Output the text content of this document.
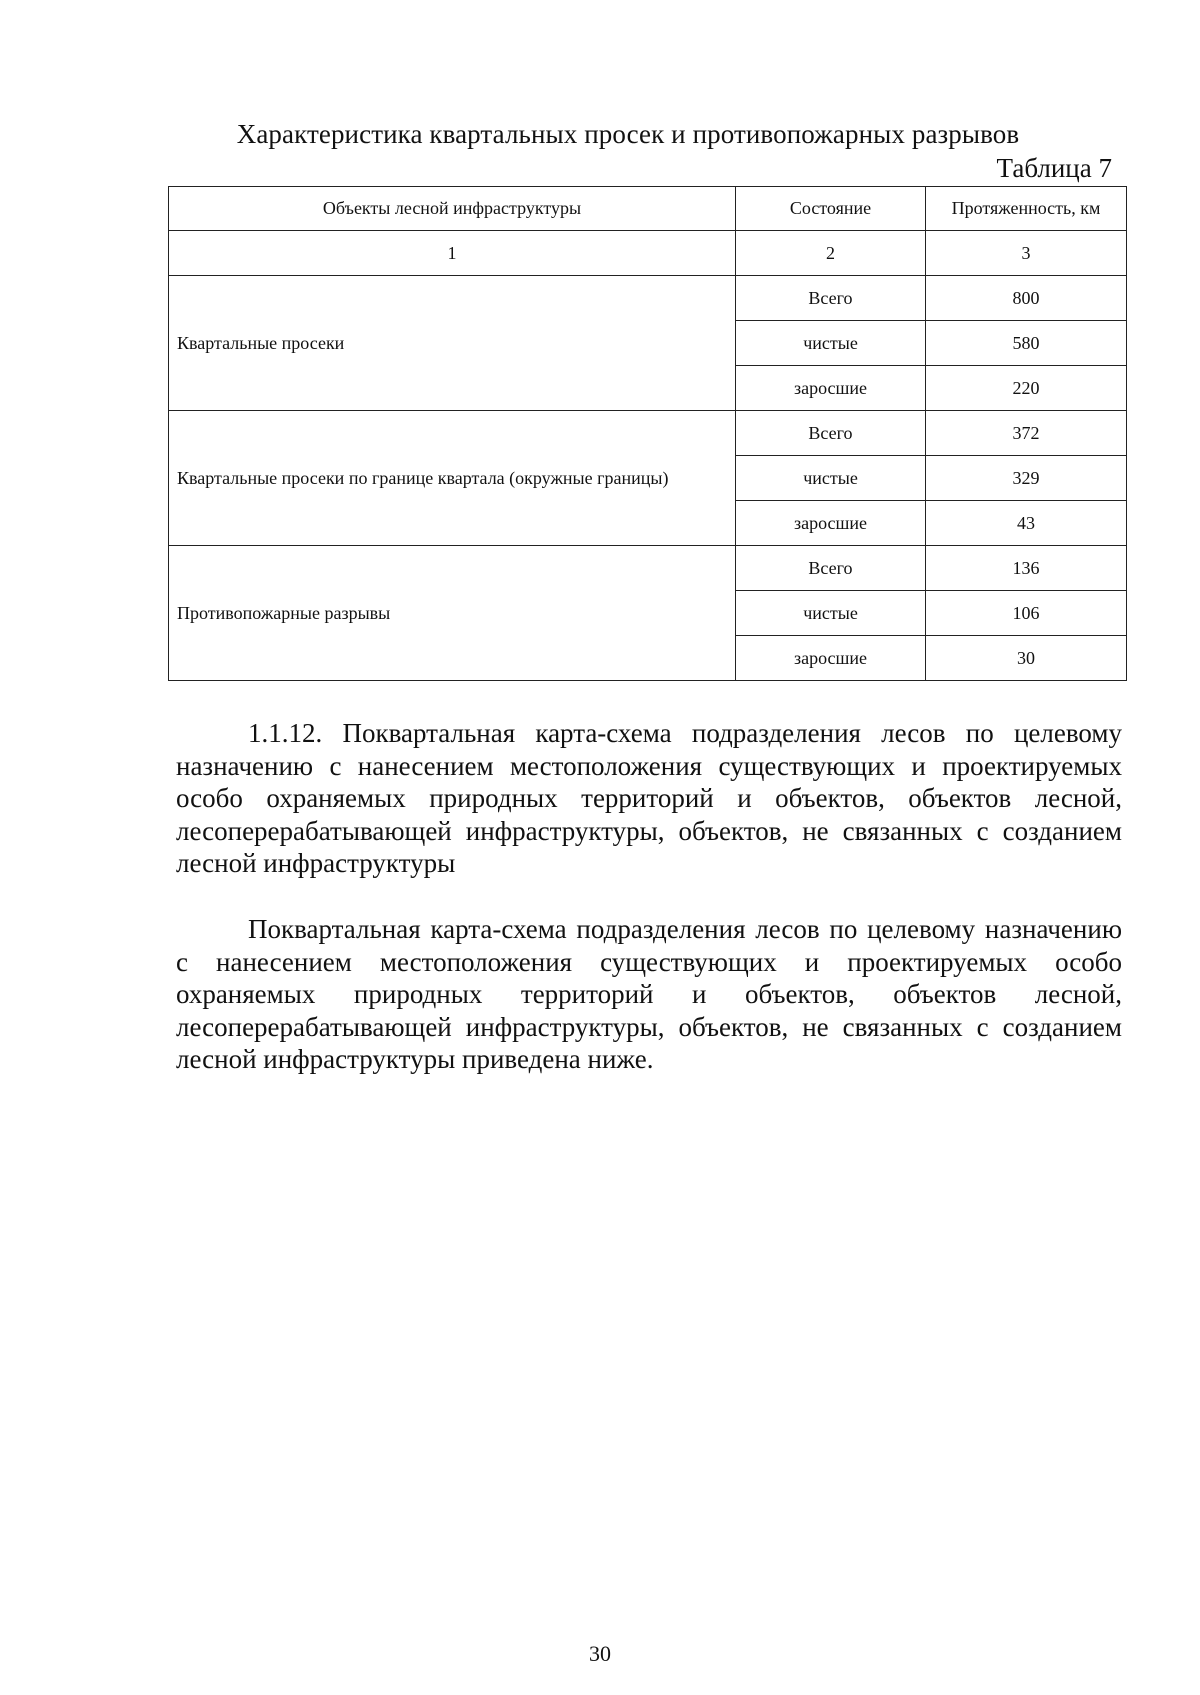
Характеристика квартальных просек и противопожарных разрывов
Таблица 7
Объекты лесной инфраструктуры	Состояние	Протяженность, км
1	2	3
Квартальные просеки	Всего	800
	чистые	580
	заросшие	220
Квартальные просеки по границе квартала (окружные границы)	Всего	372
	чистые	329
	заросшие	43
Противопожарные разрывы	Всего	136
	чистые	106
	заросшие	30

1.1.12. Поквартальная карта-схема подразделения лесов по целевому назначению с нанесением местоположения существующих и проектируемых особо охраняемых природных территорий и объектов, объектов лесной, лесоперерабатывающей инфраструктуры, объектов, не связанных с созданием лесной инфраструктуры

Поквартальная карта-схема подразделения лесов по целевому назначению с нанесением местоположения существующих и проектируемых особо охраняемых природных территорий и объектов, объектов лесной, лесоперерабатывающей инфраструктуры, объектов, не связанных с созданием лесной инфраструктуры приведена ниже.

30
